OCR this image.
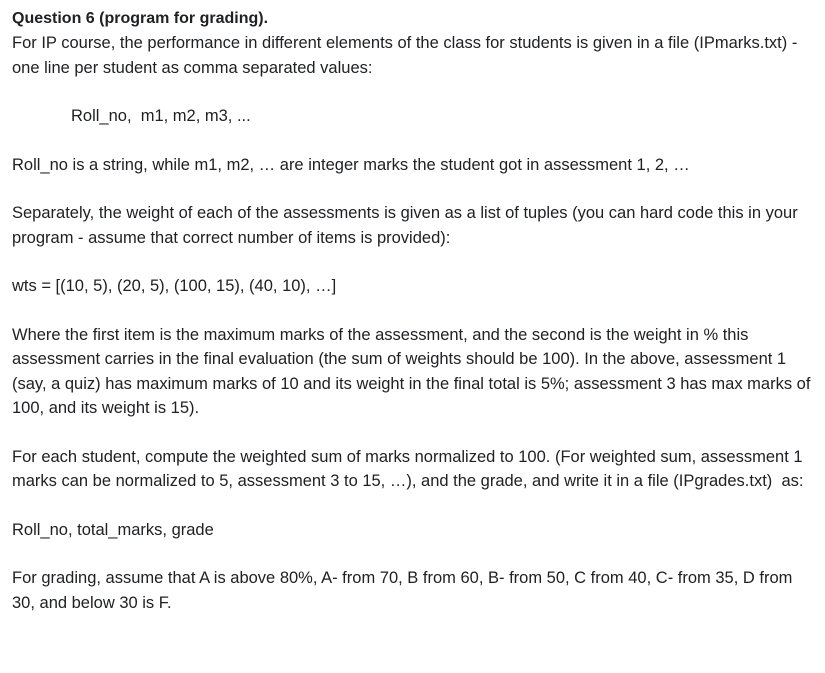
Question 6 (program for grading).

For IP course, the performance in different elements of the class for students is given in a file (IPmarks.txt) - one line per student as comma separated values:

Roll_no,  m1, m2, m3, ...

Roll_no is a string, while m1, m2, … are integer marks the student got in assessment 1, 2, …

Separately, the weight of each of the assessments is given as a list of tuples (you can hard code this in your program - assume that correct number of items is provided):

wts = [(10, 5), (20, 5), (100, 15), (40, 10), …]

Where the first item is the maximum marks of the assessment, and the second is the weight in % this assessment carries in the final evaluation (the sum of weights should be 100). In the above, assessment 1 (say, a quiz) has maximum marks of 10 and its weight in the final total is 5%; assessment 3 has max marks of 100, and its weight is 15).

For each student, compute the weighted sum of marks normalized to 100. (For weighted sum, assessment 1 marks can be normalized to 5, assessment 3 to 15, …), and the grade, and write it in a file (IPgrades.txt)  as:

Roll_no, total_marks, grade

For grading, assume that A is above 80%, A- from 70, B from 60, B- from 50, C from 40, C- from 35, D from 30, and below 30 is F.
